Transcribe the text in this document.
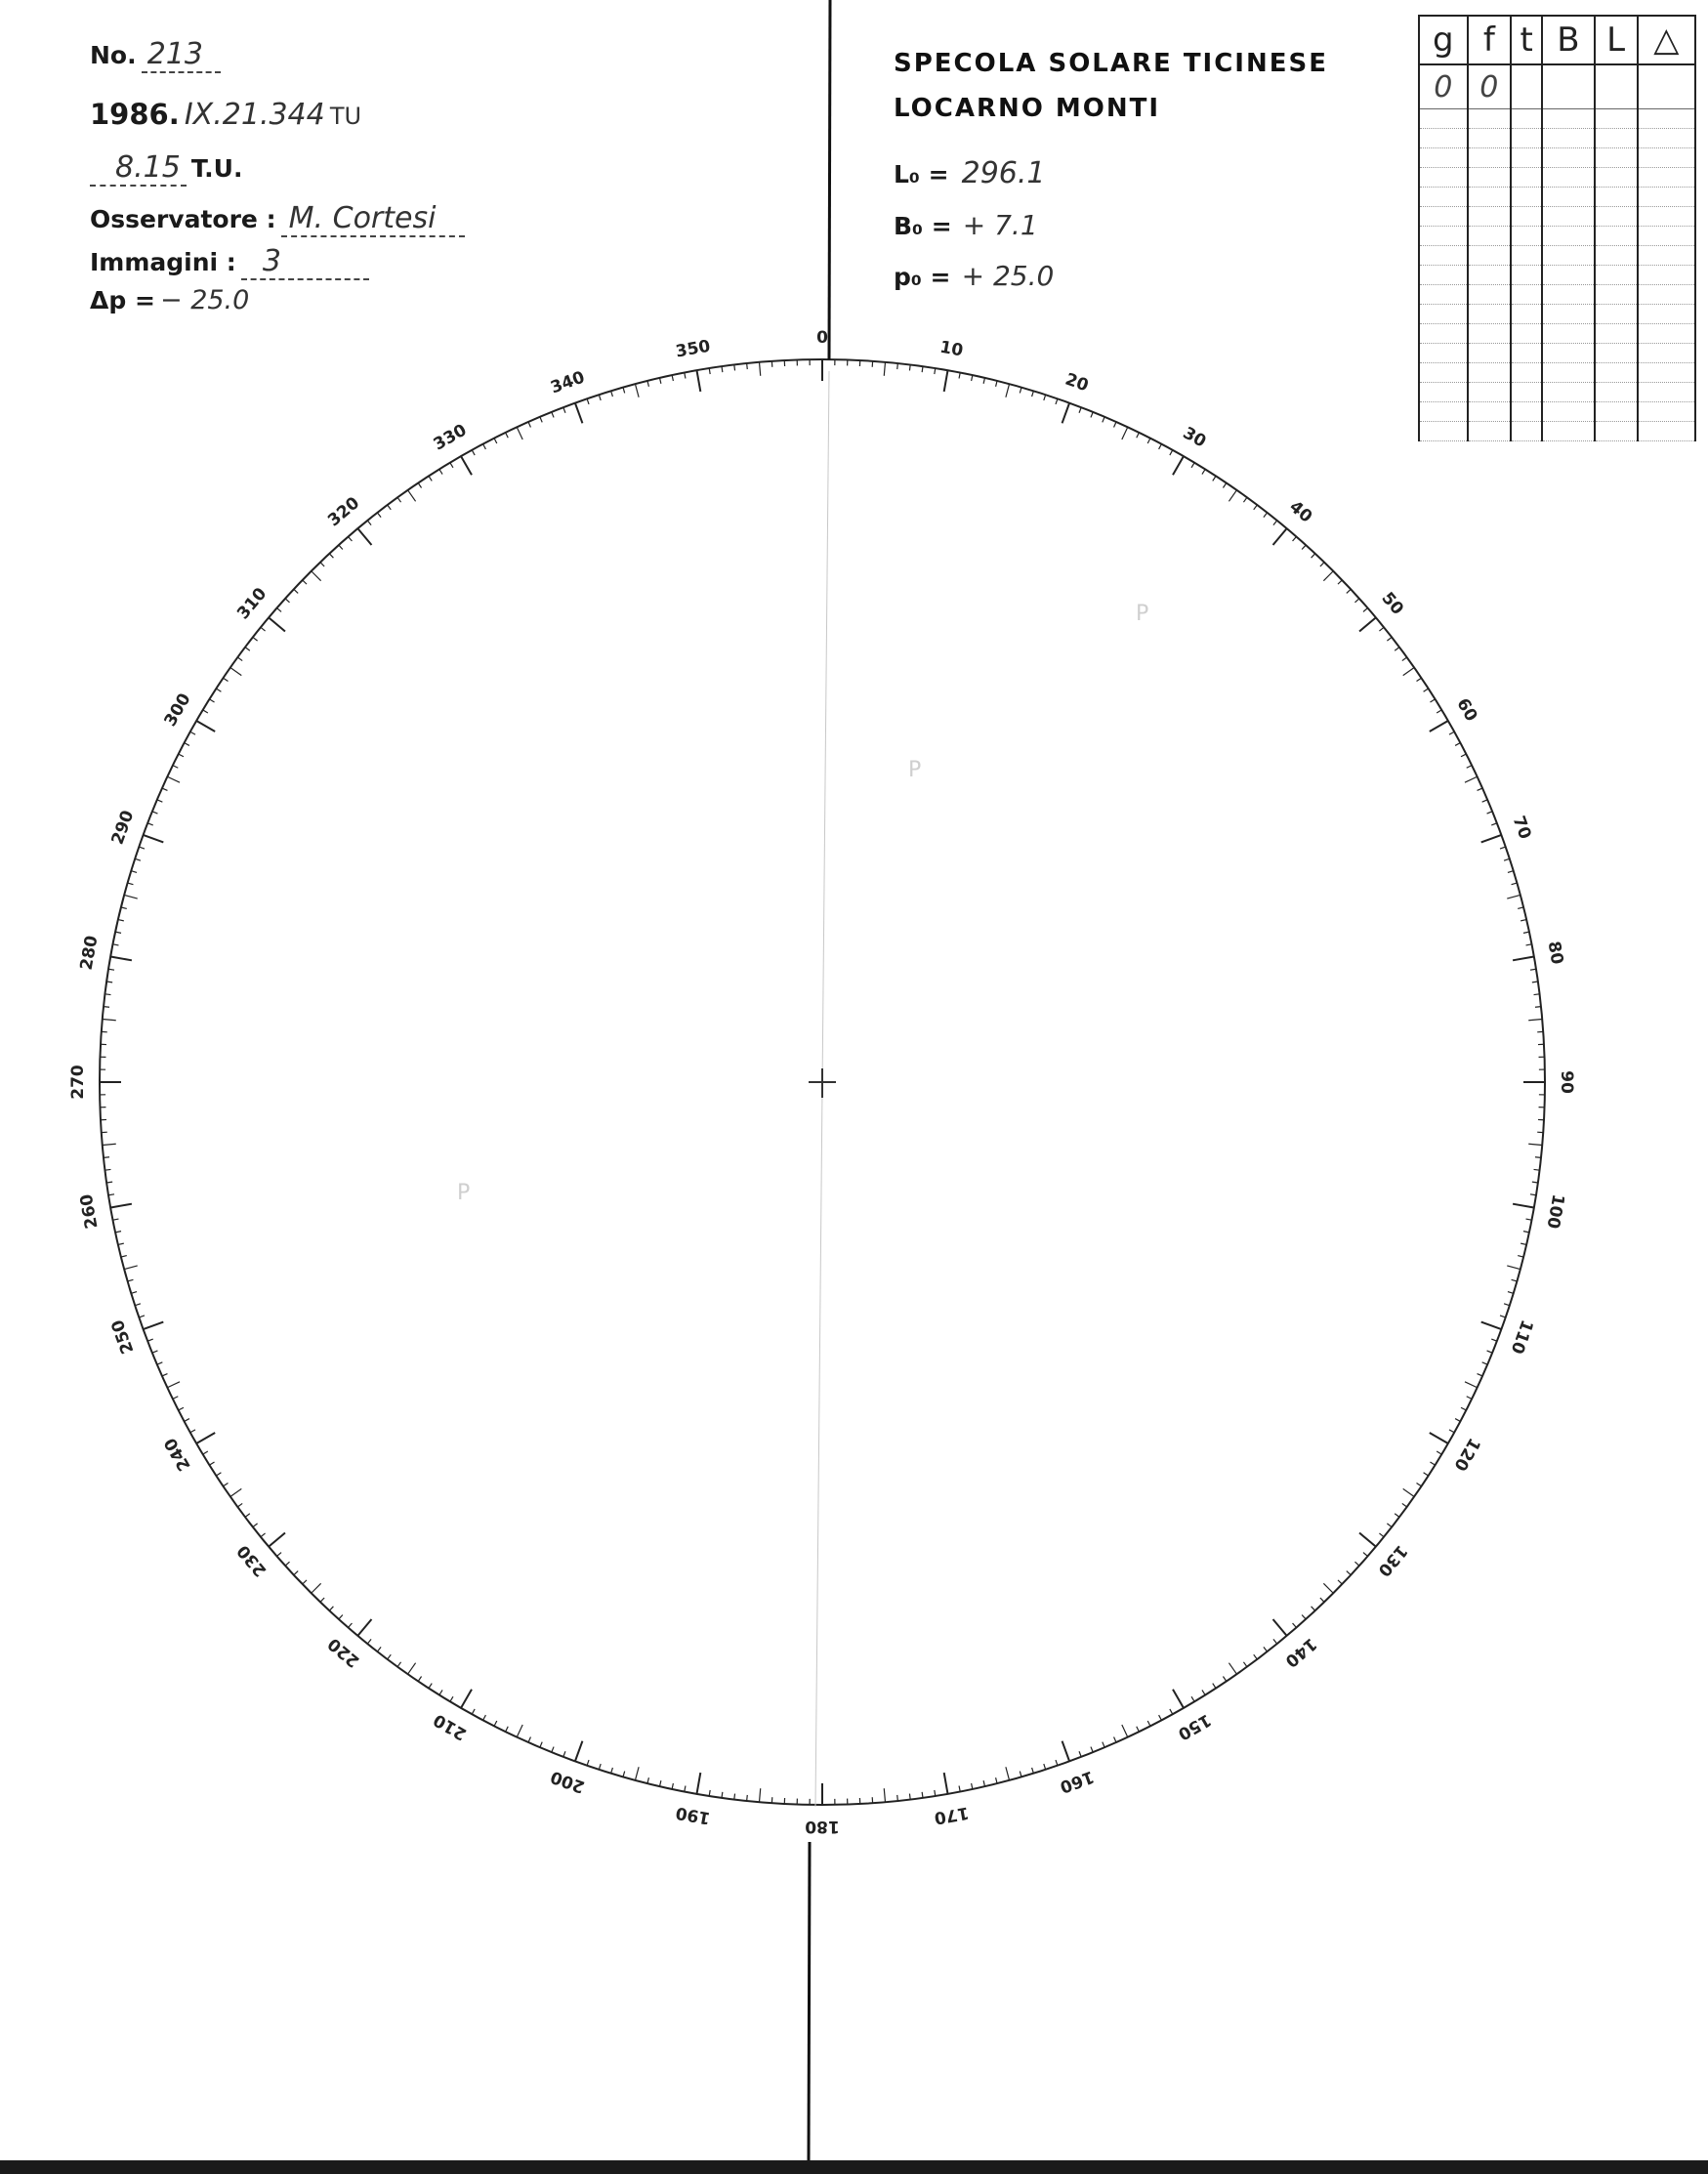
No. 213
1986. IX.21.344 TU
8.15 T.U.
Osservatore : M. Cortesi
Immagini : 3
Δp = − 25.0
SPECOLA SOLARE TICINESE
LOCARNO MONTI
L₀ = 296.1
B₀ = + 7.1
p₀ = + 25.0
g	f	t	B	L	△
0	0				

0	10
20
30
40
50
60
70
80
90
100
110
120
130
140
150
160
170
180
190
200
210
220
230
240
250
260
270
280
290
300
310
320
330
340
350
P
P
P
